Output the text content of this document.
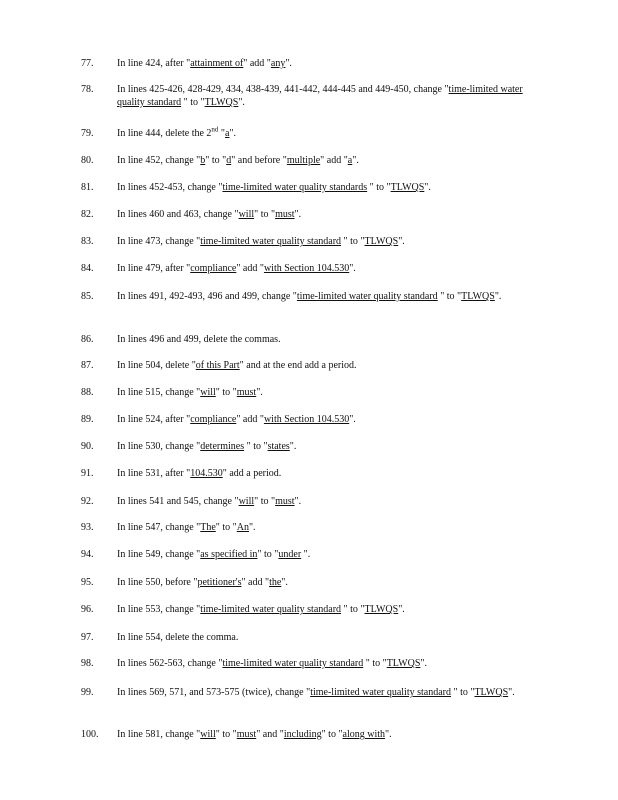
77.	In line 424, after "attainment of" add "any".
78.	In lines 425-426, 428-429, 434, 438-439, 441-442, 444-445 and 449-450, change "time-limited water quality standard " to "TLWQS".
79.	In line 444, delete the 2nd "a".
80.	In line 452, change "b" to "d" and before "multiple" add "a".
81.	In lines 452-453, change "time-limited water quality standards " to "TLWQS".
82.	In lines 460 and 463, change "will" to "must".
83.	In line 473, change "time-limited water quality standard " to "TLWQS".
84.	In line 479, after "compliance" add "with Section 104.530".
85.	In lines 491, 492-493, 496 and 499, change "time-limited water quality standard " to "TLWQS".
86.	In lines 496 and 499, delete the commas.
87.	In line 504, delete "of this Part" and at the end add a period.
88.	In line 515, change "will" to "must".
89.	In line 524, after "compliance" add "with Section 104.530".
90.	In line 530, change "determines " to "states".
91.	In line 531, after "104.530" add a period.
92.	In lines 541 and 545, change "will" to "must".
93.	In line 547, change "The" to "An".
94.	In line 549, change "as specified in" to "under ".
95.	In line 550, before "petitioner's" add "the".
96.	In line 553, change "time-limited water quality standard " to "TLWQS".
97.	In line 554, delete the comma.
98.	In lines 562-563, change "time-limited water quality standard " to "TLWQS".
99.	In lines 569, 571, and 573-575 (twice), change "time-limited water quality standard " to "TLWQS".
100.	In line 581, change "will" to "must" and "including" to "along with".
